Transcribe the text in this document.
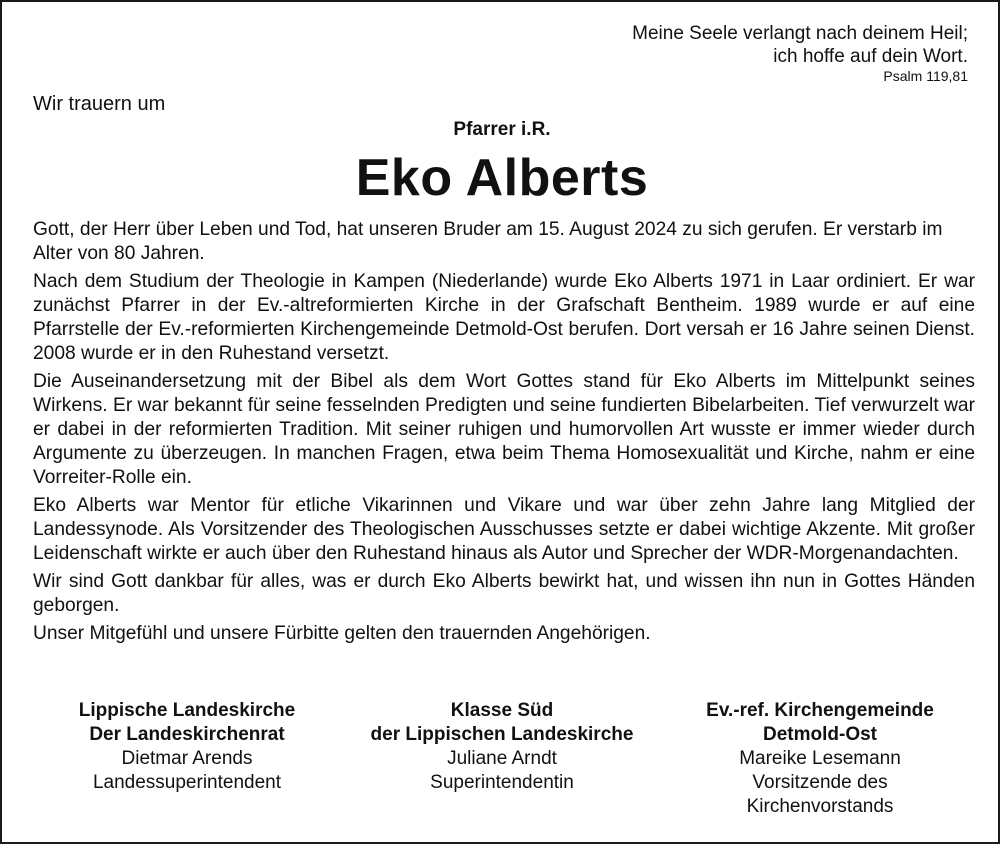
Meine Seele verlangt nach deinem Heil;
ich hoffe auf dein Wort.
Psalm 119,81
Wir trauern um
Pfarrer i.R.
Eko Alberts

Gott, der Herr über Leben und Tod, hat unseren Bruder am 15. August 2024 zu sich gerufen. Er verstarb im Alter von 80 Jahren.

Nach dem Studium der Theologie in Kampen (Niederlande) wurde Eko Alberts 1971 in Laar ordiniert. Er war zunächst Pfarrer in der Ev.-altreformierten Kirche in der Grafschaft Bentheim. 1989 wurde er auf eine Pfarrstelle der Ev.-reformierten Kirchengemeinde Detmold-Ost berufen. Dort versah er 16 Jahre seinen Dienst. 2008 wurde er in den Ruhestand versetzt.

Die Auseinandersetzung mit der Bibel als dem Wort Gottes stand für Eko Alberts im Mittelpunkt seines Wirkens. Er war bekannt für seine fesselnden Predigten und seine fundierten Bibelarbeiten. Tief verwurzelt war er dabei in der reformierten Tradition. Mit seiner ruhigen und humorvollen Art wusste er immer wieder durch Argumente zu überzeugen. In manchen Fragen, etwa beim Thema Homosexualität und Kirche, nahm er eine Vorreiter-Rolle ein.

Eko Alberts war Mentor für etliche Vikarinnen und Vikare und war über zehn Jahre lang Mitglied der Landessynode. Als Vorsitzender des Theologischen Ausschusses setzte er dabei wichtige Akzente. Mit großer Leidenschaft wirkte er auch über den Ruhestand hinaus als Autor und Sprecher der WDR-Morgenandachten.

Wir sind Gott dankbar für alles, was er durch Eko Alberts bewirkt hat, und wissen ihn nun in Gottes Händen geborgen.

Unser Mitgefühl und unsere Fürbitte gelten den trauernden Angehörigen.

Lippische Landeskirche
Der Landeskirchenrat
Dietmar Arends
Landessuperintendent
Klasse Süd
der Lippischen Landeskirche
Juliane Arndt
Superintendentin
Ev.-ref. Kirchengemeinde
Detmold-Ost
Mareike Lesemann
Vorsitzende des
Kirchenvorstands
